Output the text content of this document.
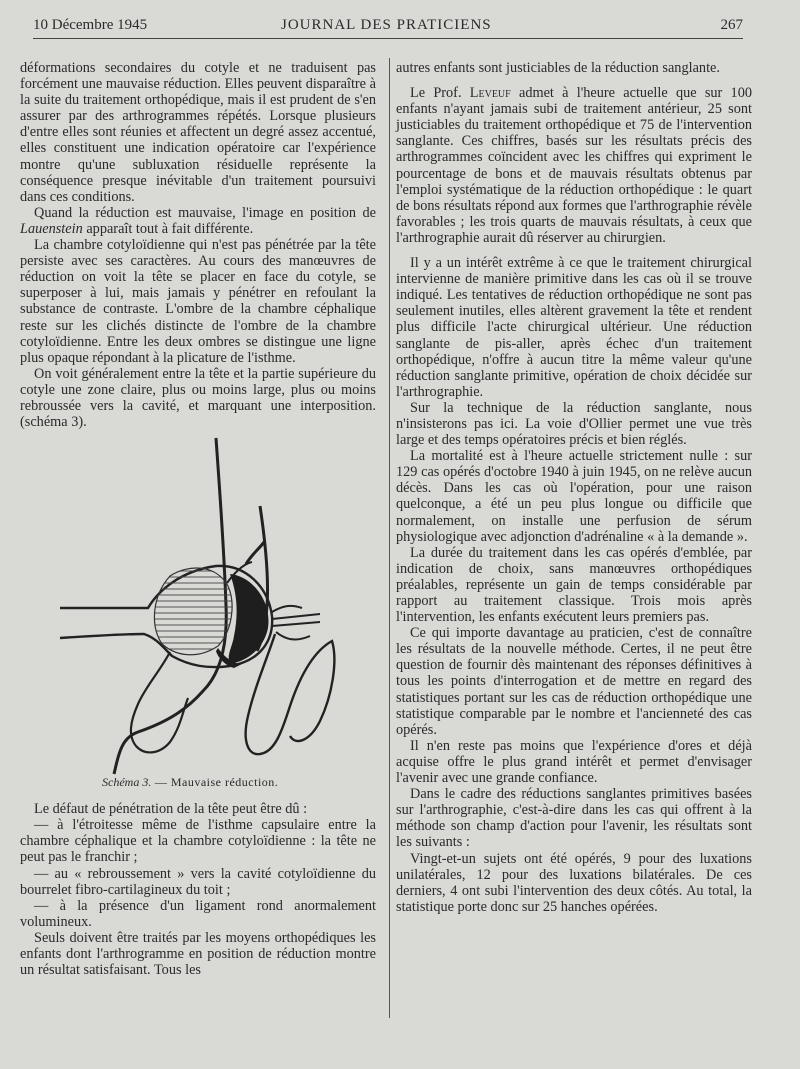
10 Décembre 1945	JOURNAL DES PRATICIENS	267

déformations secondaires du cotyle et ne traduisent pas forcément une mauvaise réduction. Elles peuvent disparaître à la suite du traitement orthopédique, mais il est prudent de s'en assurer par des arthrogrammes répétés. Lorsque plusieurs d'entre elles sont réunies et affectent un degré assez accentué, elles constituent une indication opératoire car l'expérience montre qu'une subluxation résiduelle représente la conséquence presque inévitable d'un traitement poursuivi dans ces conditions.

Quand la réduction est mauvaise, l'image en position de Lauenstein apparaît tout à fait différente.

La chambre cotyloïdienne qui n'est pas pénétrée par la tête persiste avec ses caractères. Au cours des manœuvres de réduction on voit la tête se placer en face du cotyle, se superposer à lui, mais jamais y pénétrer en refoulant la substance de contraste. L'ombre de la chambre céphalique reste sur les clichés distincte de l'ombre de la chambre cotyloïdienne. Entre les deux ombres se distingue une ligne plus opaque répondant à la plicature de l'isthme.

On voit généralement entre la tête et la partie supérieure du cotyle une zone claire, plus ou moins large, plus ou moins rebroussée vers la cavité, et marquant une interposition. (schéma 3).

Schéma 3. — Mauvaise réduction.

Le défaut de pénétration de la tête peut être dû :

— à l'étroitesse même de l'isthme capsulaire entre la chambre céphalique et la chambre cotyloïdienne : la tête ne peut pas le franchir ;

— au « rebroussement » vers la cavité cotyloïdienne du bourrelet fibro-cartilagineux du toit ;

— à la présence d'un ligament rond anormalement volumineux.

Seuls doivent être traités par les moyens orthopédiques les enfants dont l'arthrogramme en position de réduction montre un résultat satisfaisant. Tous les

autres enfants sont justiciables de la réduction sanglante.

Le Prof. Leveuf admet à l'heure actuelle que sur 100 enfants n'ayant jamais subi de traitement antérieur, 25 sont justiciables du traitement orthopédique et 75 de l'intervention sanglante. Ces chiffres, basés sur les résultats précis des arthrogrammes coïncident avec les chiffres qui expriment le pourcentage de bons et de mauvais résultats obtenus par l'emploi systématique de la réduction orthopédique : le quart de bons résultats répond aux formes que l'arthrographie révèle favorables ; les trois quarts de mauvais résultats, à ceux que l'arthrographie aurait dû réserver au chirurgien.

Il y a un intérêt extrême à ce que le traitement chirurgical intervienne de manière primitive dans les cas où il se trouve indiqué. Les tentatives de réduction orthopédique ne sont pas seulement inutiles, elles altèrent gravement la tête et rendent plus difficile l'acte chirurgical ultérieur. Une réduction sanglante de pis-aller, après échec d'un traitement orthopédique, n'offre à aucun titre la même valeur qu'une réduction sanglante primitive, opération de choix décidée sur l'arthrographie.

Sur la technique de la réduction sanglante, nous n'insisterons pas ici. La voie d'Ollier permet une vue très large et des temps opératoires précis et bien réglés.

La mortalité est à l'heure actuelle strictement nulle : sur 129 cas opérés d'octobre 1940 à juin 1945, on ne relève aucun décès. Dans les cas où l'opération, pour une raison quelconque, a été un peu plus longue ou difficile que normalement, on installe une perfusion de sérum physiologique avec adjonction d'adrénaline « à la demande ».

La durée du traitement dans les cas opérés d'emblée, par indication de choix, sans manœuvres orthopédiques préalables, représente un gain de temps considérable par rapport au traitement classique. Trois mois après l'intervention, les enfants exécutent leurs premiers pas.

Ce qui importe davantage au praticien, c'est de connaître les résultats de la nouvelle méthode. Certes, il ne peut être question de fournir dès maintenant des réponses définitives à tous les points d'interrogation et de mettre en regard des statistiques portant sur les cas de réduction orthopédique une statistique comparable par le nombre et l'ancienneté des cas opérés.

Il n'en reste pas moins que l'expérience d'ores et déjà acquise offre le plus grand intérêt et permet d'envisager l'avenir avec une grande confiance.

Dans le cadre des réductions sanglantes primitives basées sur l'arthrographie, c'est-à-dire dans les cas qui offrent à la méthode son champ d'action pour l'avenir, les résultats sont les suivants :

Vingt-et-un sujets ont été opérés, 9 pour des luxations unilatérales, 12 pour des luxations bilatérales. De ces derniers, 4 ont subi l'intervention des deux côtés. Au total, la statistique porte donc sur 25 hanches opérées.
